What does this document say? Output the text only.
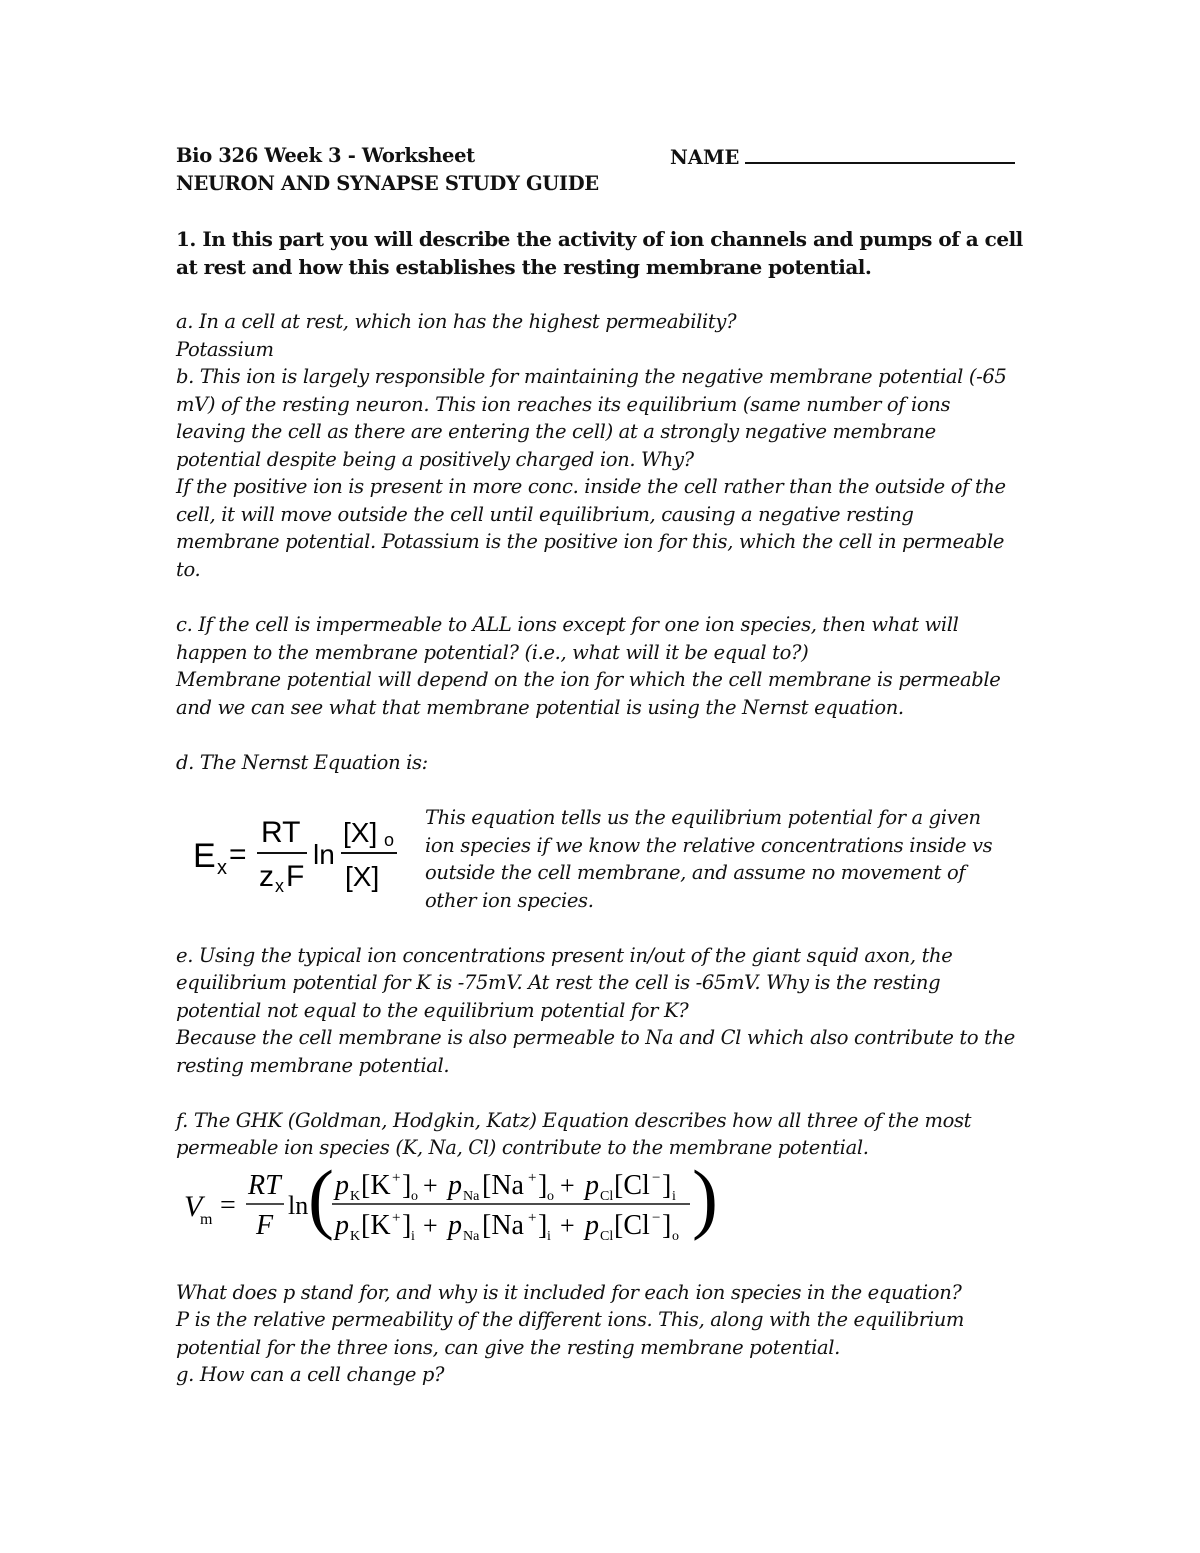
Bio 326 Week 3 - Worksheet	NAME
NEURON AND SYNAPSE STUDY GUIDE
1. In this part you will describe the activity of ion channels and pumps of a cell
at rest and how this establishes the resting membrane potential.
a. In a cell at rest, which ion has the highest permeability?
Potassium
b. This ion is largely responsible for maintaining the negative membrane potential (-65
mV) of the resting neuron. This ion reaches its equilibrium (same number of ions
leaving the cell as there are entering the cell) at a strongly negative membrane
potential despite being a positively charged ion. Why?
If the positive ion is present in more conc. inside the cell rather than the outside of the
cell, it will move outside the cell until equilibrium, causing a negative resting
membrane potential. Potassium is the positive ion for this, which the cell in permeable
to.
c. If the cell is impermeable to ALL ions except for one ion species, then what will
happen to the membrane potential? (i.e., what will it be equal to?)
Membrane potential will depend on the ion for which the cell membrane is permeable
and we can see what that membrane potential is using the Nernst equation.
d. The Nernst Equation is:
E x =
RT
z x F
ln
[X] o
[X]
This equation tells us the equilibrium potential for a given
ion species if we know the relative concentrations inside vs
outside the cell membrane, and assume no movement of
other ion species.
e. Using the typical ion concentrations present in/out of the giant squid axon, the
equilibrium potential for K is -75mV. At rest the cell is -65mV. Why is the resting
potential not equal to the equilibrium potential for K?
Because the cell membrane is also permeable to Na and Cl which also contribute to the
resting membrane potential.
f. The GHK (Goldman, Hodgkin, Katz) Equation describes how all three of the most
permeable ion species (K, Na, Cl) contribute to the membrane potential.
V
m =
RT
F
ln ( p K [K + ] o + p Na [Na + ] o + p Cl [Cl − ] i
p K [K + ] i + p Na [Na + ] i + p Cl [Cl − ] o )
What does p stand for, and why is it included for each ion species in the equation?
P is the relative permeability of the different ions. This, along with the equilibrium
potential for the three ions, can give the resting membrane potential.
g. How can a cell change p?
